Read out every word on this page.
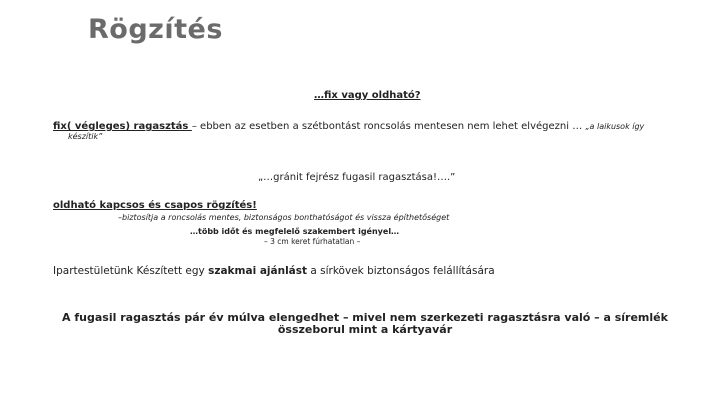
Rögzítés
…fix vagy oldható?
fix( végleges) ragasztás – ebben az esetben a szétbontást roncsolás mentesen nem lehet elvégezni … „a laikusok így
készítik”
„…gránit fejrész fugasil ragasztása!….”
oldható kapcsos és csapos rögzítés!
–biztosítja a roncsolás mentes, biztonságos bonthatóságot és vissza építhetőséget
…több időt és megfelelő szakembert igényel…
– 3 cm keret fúrhatatlan –
Ipartestületünk Készített egy szakmai ajánlást a sírkövek biztonságos felállítására
A fugasil ragasztás pár év múlva elengedhet – mivel nem szerkezeti ragasztásra való – a síremlék
összeborul mint a kártyavár
